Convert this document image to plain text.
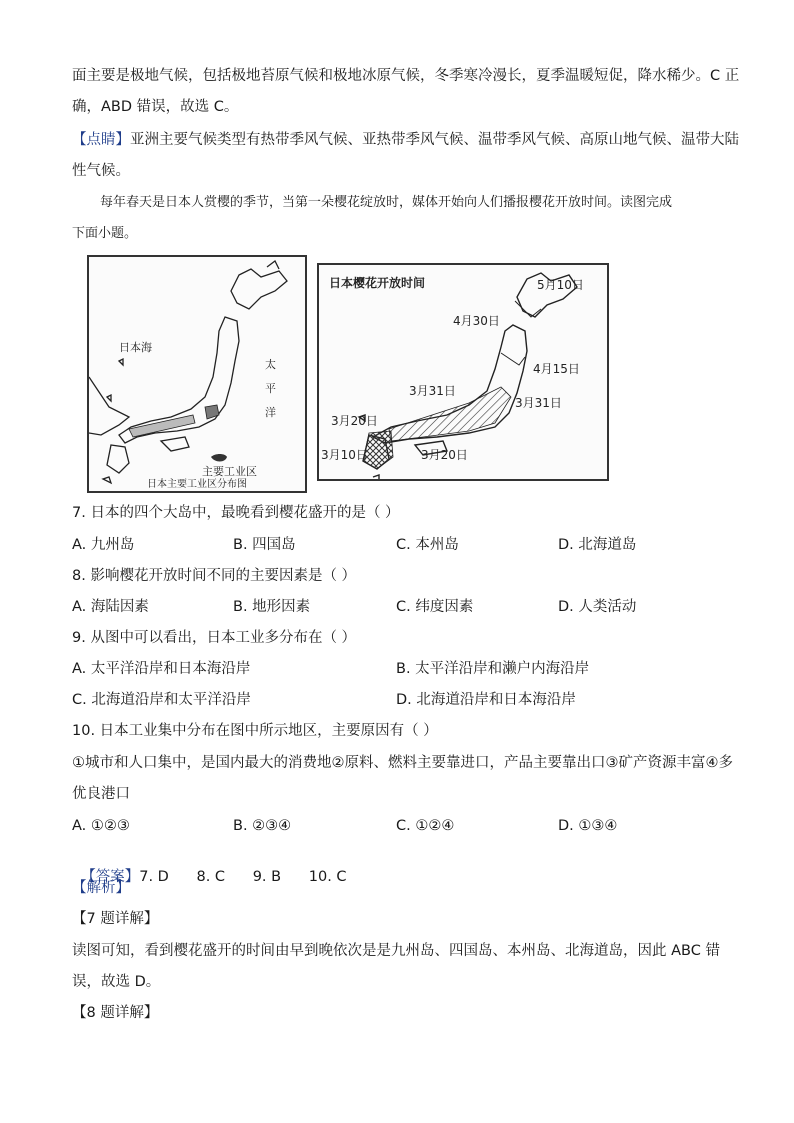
面主要是极地气候，包括极地苔原气候和极地冰原气候，冬季寒冷漫长，夏季温暖短促，降水稀少。C 正
确，ABD 错误，故选 C。
【点睛】亚洲主要气候类型有热带季风气候、亚热带季风气候、温带季风气候、高原山地气候、温带大陆
性气候。
每年春天是日本人赏樱的季节，当第一朵樱花绽放时，媒体开始向人们播报樱花开放时间。读图完成
下面小题。
日本海
主要工业区
日本主要工业区分布图
太平洋
日本樱花开放时间	5月10日
4月30日
4月15日
3月31日
3月31日
3月20日
3月10日	3月20日
7. 日本的四个大岛中，最晚看到樱花盛开的是（ ）
A. 九州岛	B. 四国岛	C. 本州岛	D. 北海道岛
8. 影响樱花开放时间不同的主要因素是（ ）
A. 海陆因素	B. 地形因素	C. 纬度因素	D. 人类活动
9. 从图中可以看出，日本工业多分布在（ ）
A. 太平洋沿岸和日本海沿岸	B. 太平洋沿岸和濑户内海沿岸
C. 北海道沿岸和太平洋沿岸	D. 北海道沿岸和日本海沿岸
10. 日本工业集中分布在图中所示地区，主要原因有（ ）
①城市和人口集中，是国内最大的消费地②原料、燃料主要靠进口，产品主要靠出口③矿产资源丰富④多
优良港口
A. ①②③	B. ②③④	C. ①②④	D. ①③④

【答案】7. D      8. C      9. B      10. C

【解析】
【7 题详解】
读图可知，看到樱花盛开的时间由早到晚依次是是九州岛、四国岛、本州岛、北海道岛，因此 ABC 错
误，故选 D。
【8 题详解】
